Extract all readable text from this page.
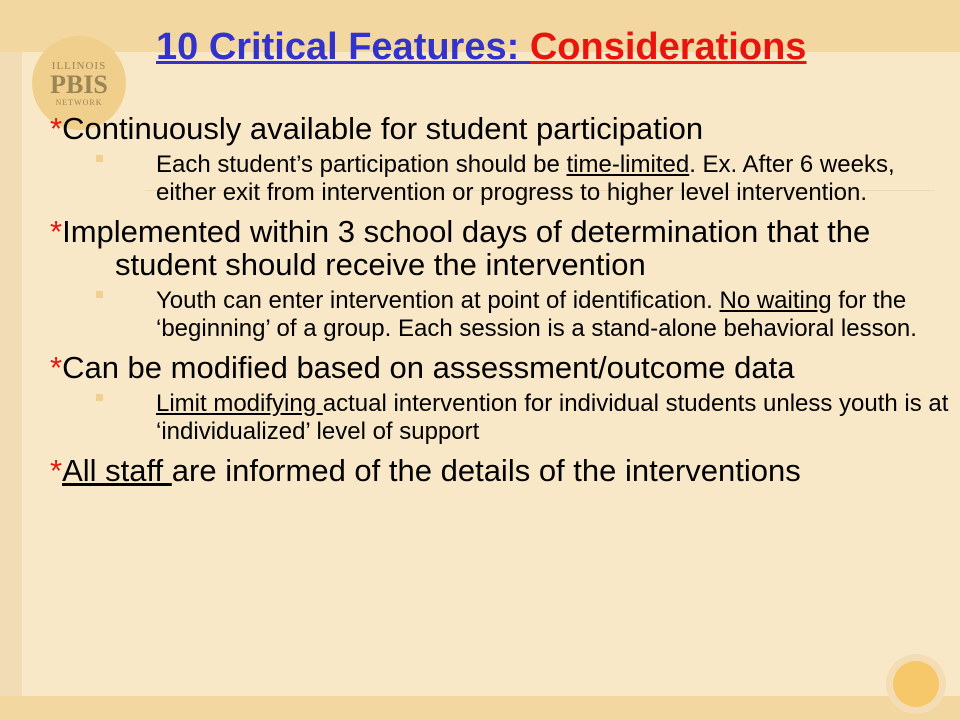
ILLINOIS
PBIS
NETWORK
10 Critical Features: Considerations
*Continuously available for student participation
Each student’s participation should be time-limited. Ex. After 6 weeks, either exit from intervention or progress to higher level intervention.
*Implemented within 3 school days of determination that the student should receive the intervention
Youth can enter intervention at point of identification. No waiting for the ‘beginning’ of a group. Each session is a stand-alone behavioral lesson.
*Can be modified based on assessment/outcome data
Limit modifying actual intervention for individual students unless youth is at ‘individualized’ level of support
*All staff are informed of the details of the interventions
